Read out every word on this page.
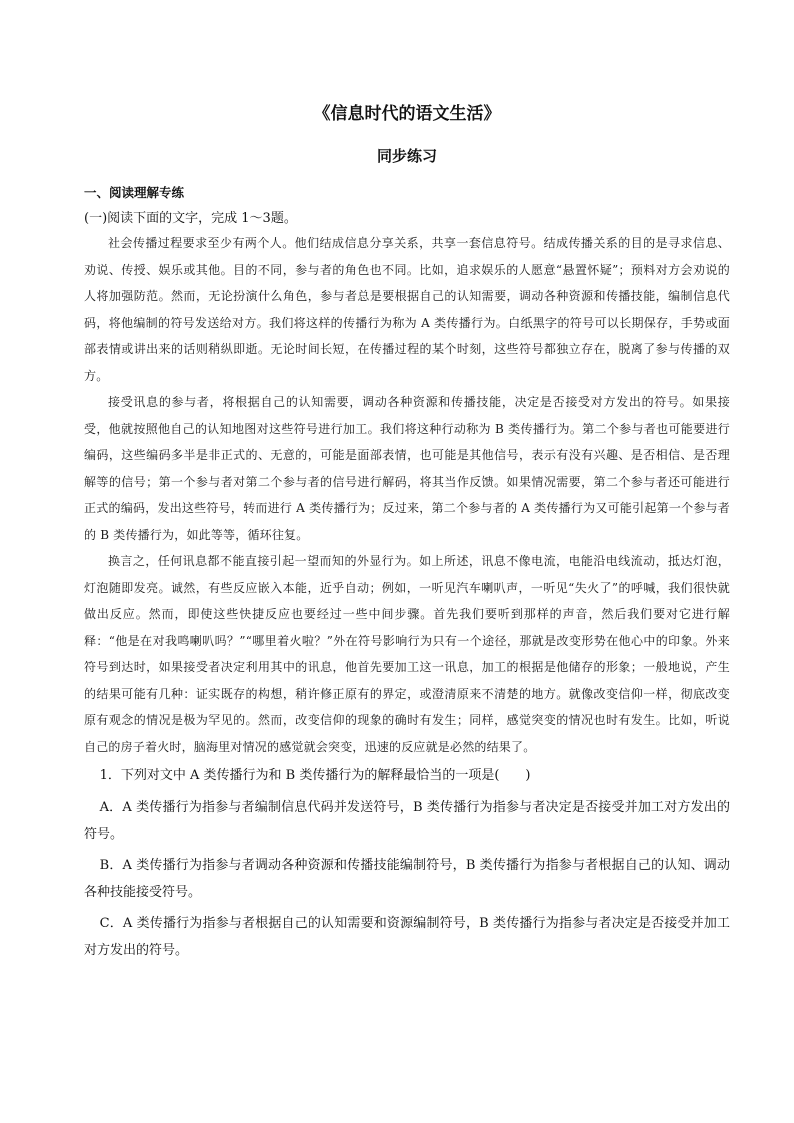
《信息时代的语文生活》
同步练习
一、阅读理解专练
(一)阅读下面的文字，完成 1～3题。

社会传播过程要求至少有两个人。他们结成信息分享关系，共享一套信息符号。结成传播关系的目的是寻求信息、劝说、传授、娱乐或其他。目的不同，参与者的角色也不同。比如，追求娱乐的人愿意“悬置怀疑”；预料对方会劝说的人将加强防范。然而，无论扮演什么角色，参与者总是要根据自己的认知需要，调动各种资源和传播技能，编制信息代码，将他编制的符号发送给对方。我们将这样的传播行为称为 A 类传播行为。白纸黑字的符号可以长期保存，手势或面部表情或讲出来的话则稍纵即逝。无论时间长短，在传播过程的某个时刻，这些符号都独立存在，脱离了参与传播的双方。

接受讯息的参与者，将根据自己的认知需要，调动各种资源和传播技能，决定是否接受对方发出的符号。如果接受，他就按照他自己的认知地图对这些符号进行加工。我们将这种行动称为 B 类传播行为。第二个参与者也可能要进行编码，这些编码多半是非正式的、无意的，可能是面部表情，也可能是其他信号，表示有没有兴趣、是否相信、是否理解等的信号；第一个参与者对第二个参与者的信号进行解码，将其当作反馈。如果情况需要，第二个参与者还可能进行正式的编码，发出这些符号，转而进行 A 类传播行为；反过来，第二个参与者的 A 类传播行为又可能引起第一个参与者的 B 类传播行为，如此等等，循环往复。

换言之，任何讯息都不能直接引起一望而知的外显行为。如上所述，讯息不像电流，电能沿电线流动，抵达灯泡，灯泡随即发亮。诚然，有些反应嵌入本能，近乎自动；例如，一听见汽车喇叭声，一听见“失火了”的呼喊，我们很快就做出反应。然而，即使这些快捷反应也要经过一些中间步骤。首先我们要听到那样的声音，然后我们要对它进行解释：“他是在对我鸣喇叭吗？”“哪里着火啦？”外在符号影响行为只有一个途径，那就是改变形势在他心中的印象。外来符号到达时，如果接受者决定利用其中的讯息，他首先要加工这一讯息，加工的根据是他储存的形象；一般地说，产生的结果可能有几种：证实既存的构想，稍许修正原有的界定，或澄清原来不清楚的地方。就像改变信仰一样，彻底改变原有观念的情况是极为罕见的。然而，改变信仰的现象的确时有发生；同样，感觉突变的情况也时有发生。比如，听说自己的房子着火时，脑海里对情况的感觉就会突变，迅速的反应就是必然的结果了。

1．下列对文中 A 类传播行为和 B 类传播行为的解释最恰当的一项是(　　)

A．A 类传播行为指参与者编制信息代码并发送符号，B 类传播行为指参与者决定是否接受并加工对方发出的符号。

B．A 类传播行为指参与者调动各种资源和传播技能编制符号，B 类传播行为指参与者根据自己的认知、调动各种技能接受符号。

C．A 类传播行为指参与者根据自己的认知需要和资源编制符号，B 类传播行为指参与者决定是否接受并加工对方发出的符号。
